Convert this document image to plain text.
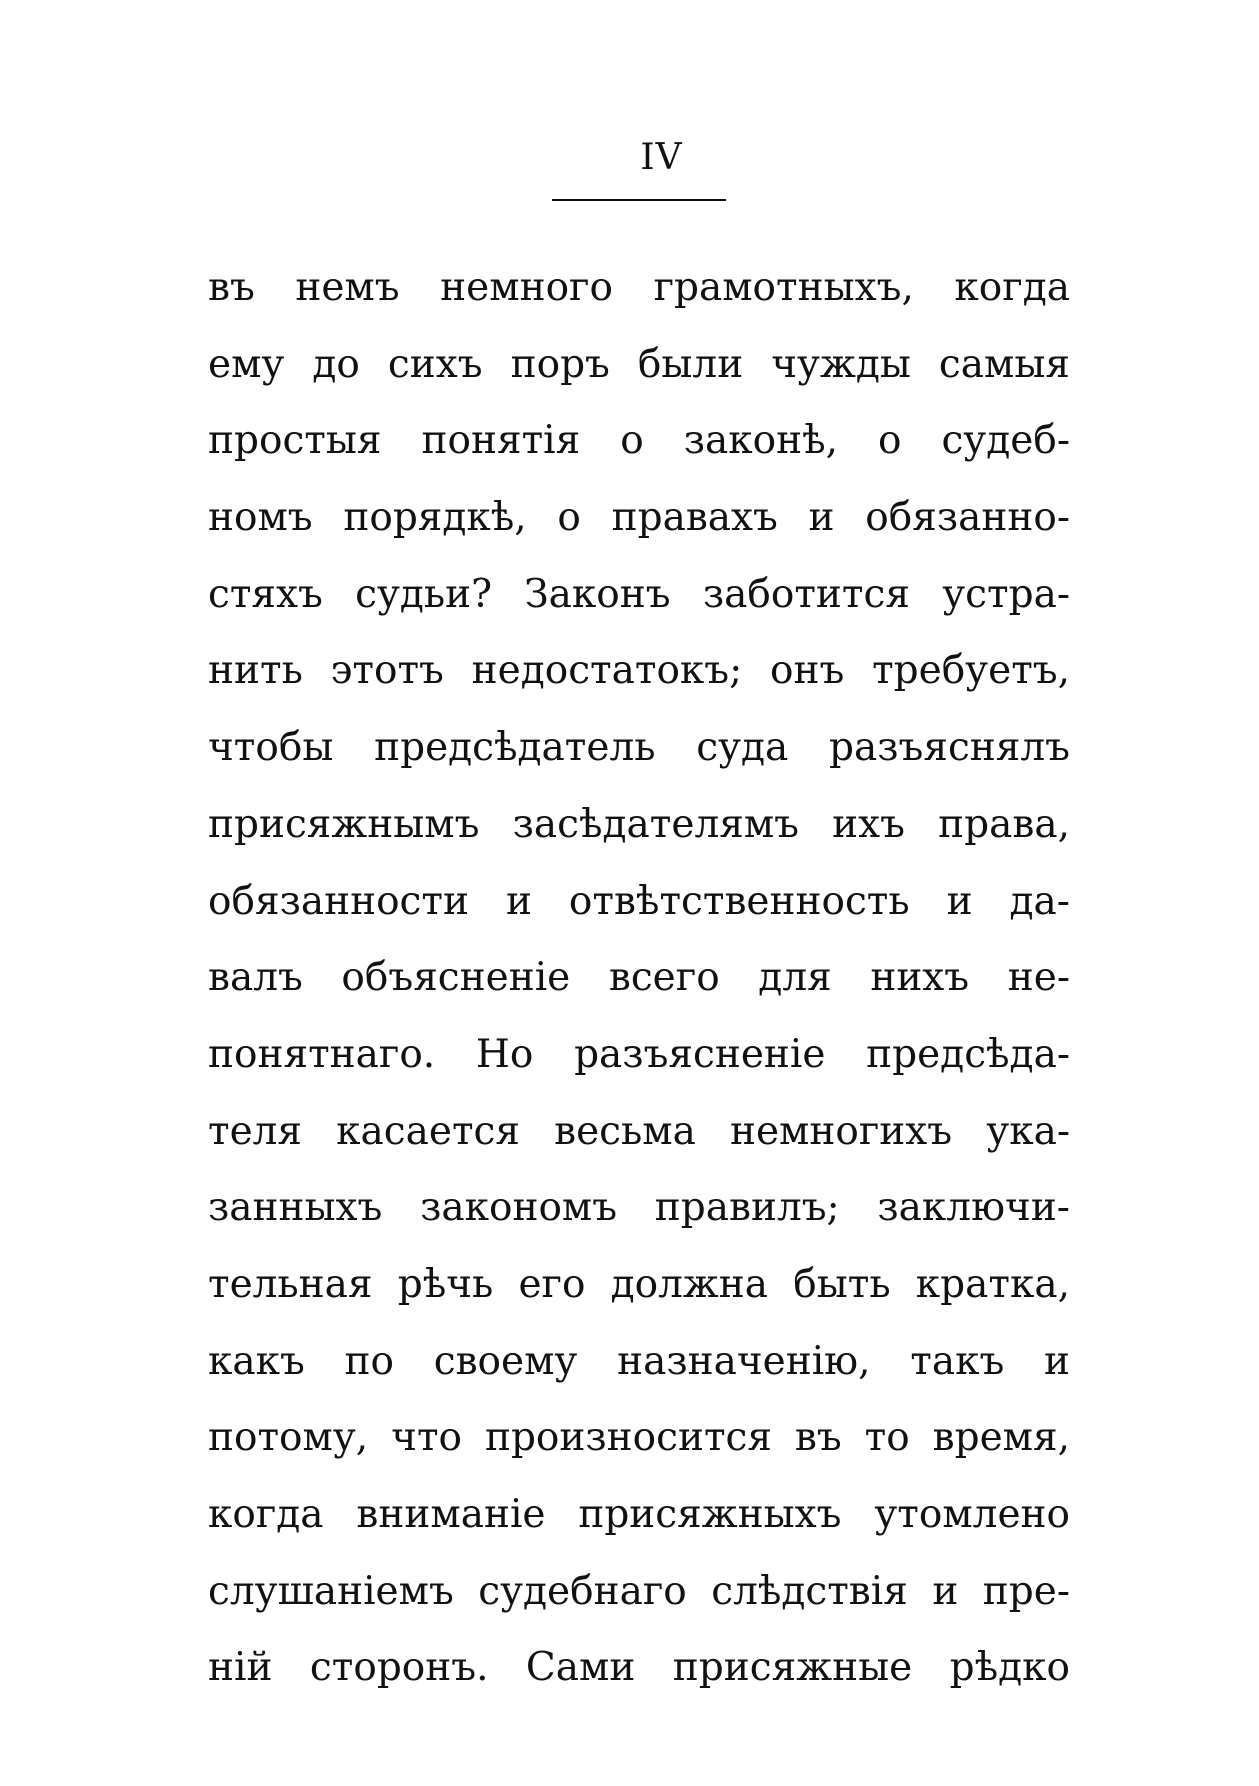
IV
въ немъ немного грамотныхъ, когда
ему до сихъ поръ были чужды самыя
простыя понятія о законѣ, о судеб-
номъ порядкѣ, о правахъ и обязанно-
стяхъ судьи? Законъ заботится устра-
нить этотъ недостатокъ; онъ требуетъ,
чтобы предсѣдатель суда разъяснялъ
присяжнымъ засѣдателямъ ихъ права,
обязанности и отвѣтственность и да-
валъ объясненіе всего для нихъ не-
понятнаго. Но разъясненіе предсѣда-
теля касается весьма немногихъ ука-
занныхъ закономъ правилъ; заключи-
тельная рѣчь его должна быть кратка,
какъ по своему назначенію, такъ и
потому, что произносится въ то время,
когда вниманіе присяжныхъ утомлено
слушаніемъ судебнаго слѣдствія и пре-
ній сторонъ. Сами присяжные рѣдко
